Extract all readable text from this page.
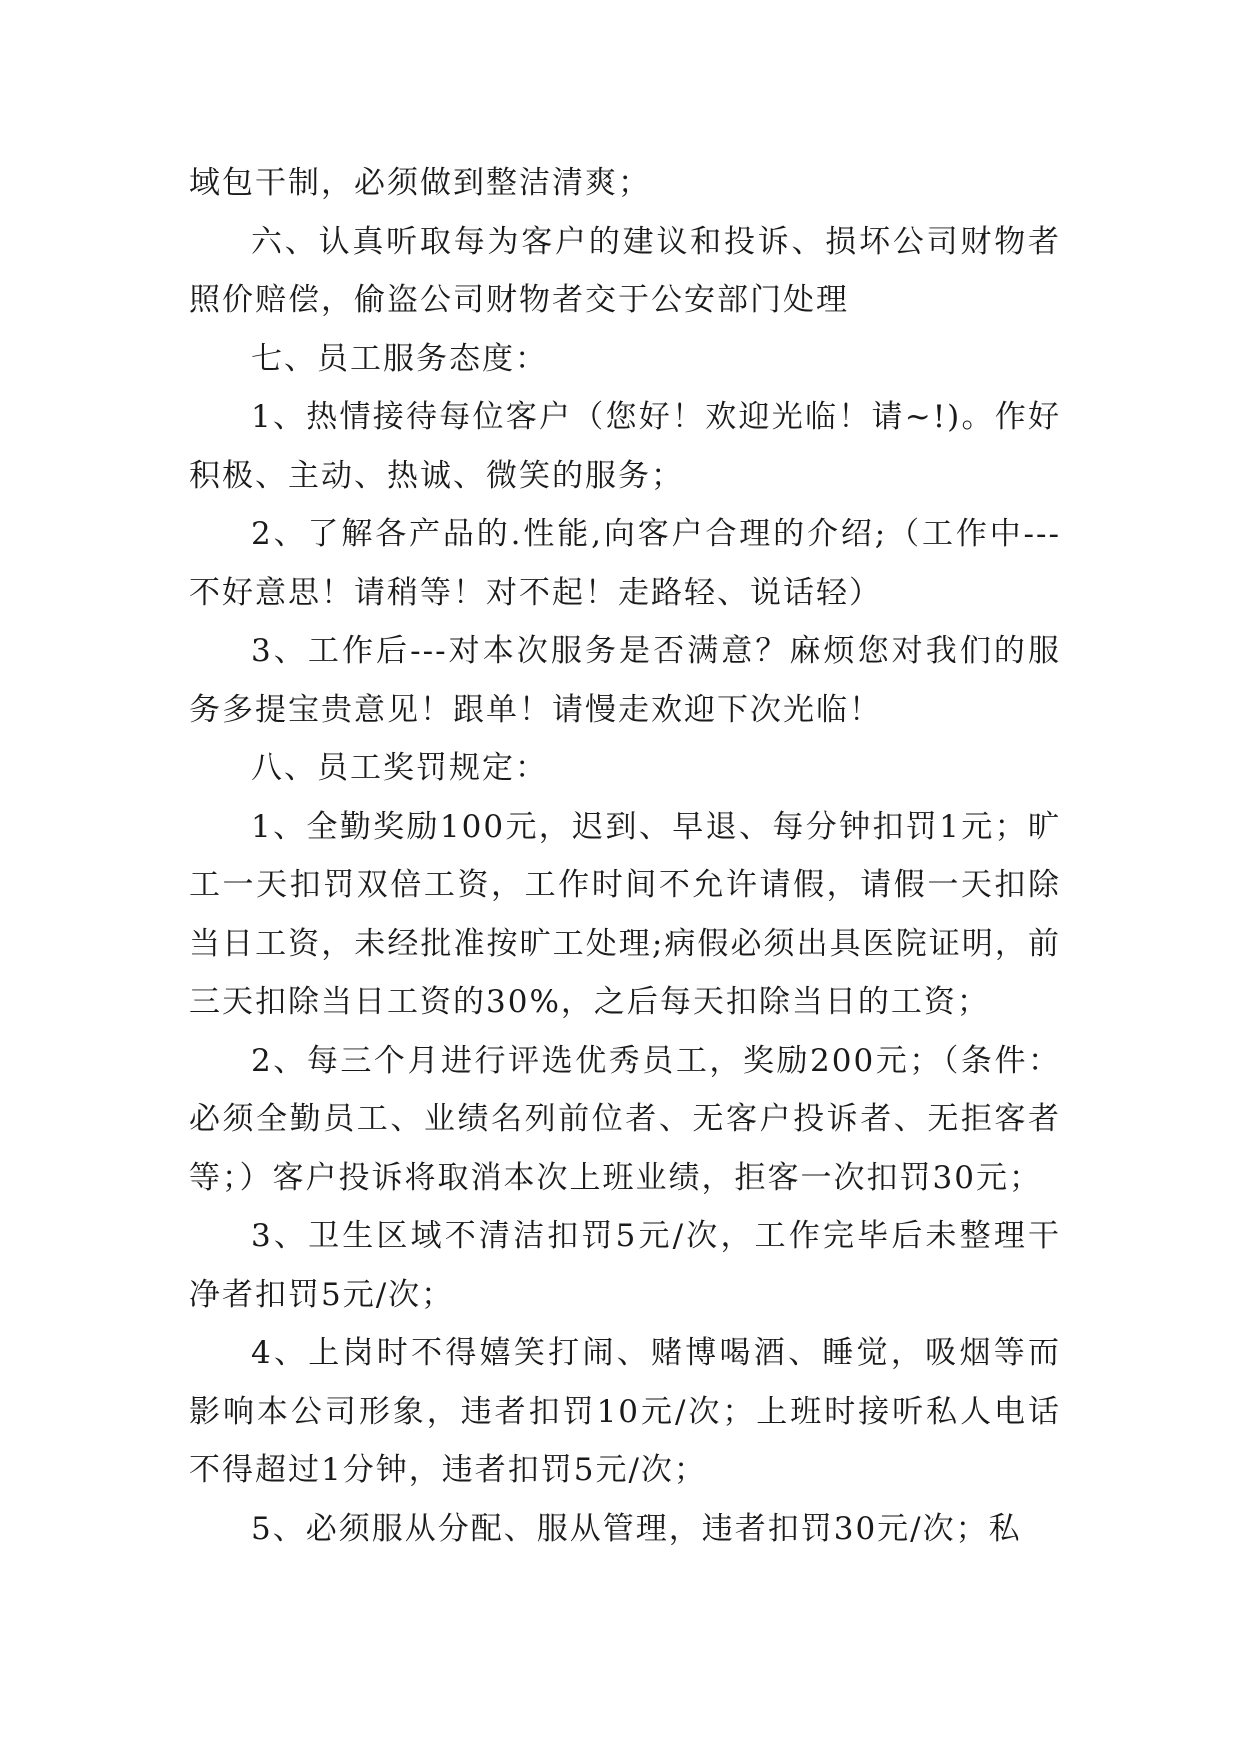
域包干制，必须做到整洁清爽；

六、认真听取每为客户的建议和投诉、损坏公司财物者照价赔偿，偷盗公司财物者交于公安部门处理

七、员工服务态度：

1、热情接待每位客户（您好！欢迎光临！请~!)。作好积极、主动、热诚、微笑的服务；

2、了解各产品的.性能,向客户合理的介绍;（工作中---不好意思！请稍等！对不起！走路轻、说话轻）

3、工作后---对本次服务是否满意？麻烦您对我们的服务多提宝贵意见！跟单！请慢走欢迎下次光临！

八、员工奖罚规定：

1、全勤奖励100元，迟到、早退、每分钟扣罚1元；旷工一天扣罚双倍工资，工作时间不允许请假，请假一天扣除当日工资，未经批准按旷工处理;病假必须出具医院证明，前三天扣除当日工资的30%，之后每天扣除当日的工资；

2、每三个月进行评选优秀员工，奖励200元；（条件：必须全勤员工、业绩名列前位者、无客户投诉者、无拒客者等；）客户投诉将取消本次上班业绩，拒客一次扣罚30元；

3、卫生区域不清洁扣罚5元/次，工作完毕后未整理干净者扣罚5元/次；

4、上岗时不得嬉笑打闹、赌博喝酒、睡觉，吸烟等而影响本公司形象，违者扣罚10元/次；上班时接听私人电话不得超过1分钟，违者扣罚5元/次；

5、必须服从分配、服从管理，违者扣罚30元/次；私
